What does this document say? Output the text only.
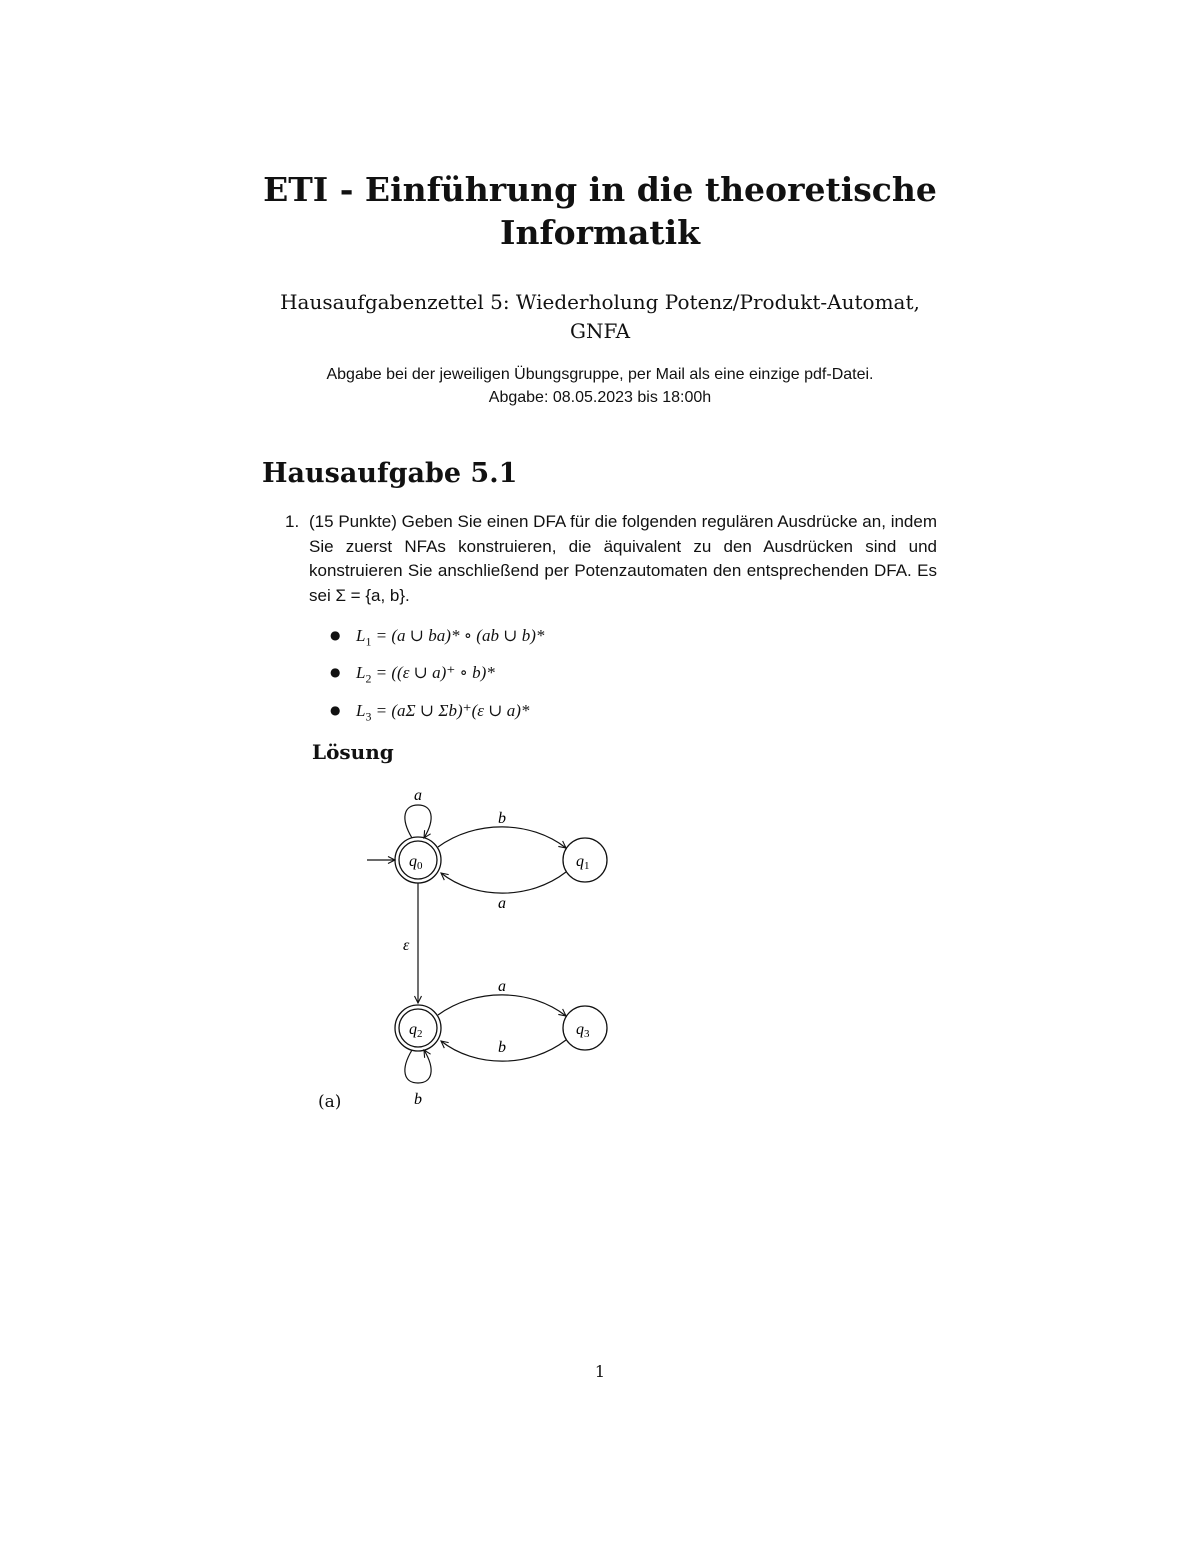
ETI - Einführung in die theoretische
Informatik
Hausaufgabenzettel 5: Wiederholung Potenz/Produkt-Automat,
GNFA
Abgabe bei der jeweiligen Übungsgruppe, per Mail als eine einzige pdf-Datei.
Abgabe: 08.05.2023 bis 18:00h
Hausaufgabe 5.1
1. (15 Punkte) Geben Sie einen DFA für die folgenden regulären Ausdrücke an, indem Sie zuerst NFAs konstruieren, die äquivalent zu den Ausdrücken sind und konstruieren Sie anschließend per Potenzautomaten den entsprechenden DFA. Es sei Σ = {a, b}.
● $L_1 = (a$ ∪ ba)* ∘ (ab ∪ b)*
● $L_2 = ((\varepsilon$ ∪ a)⁺ ∘ b)*
● $L_3 = (a\Sigma$ ∪ Σb)⁺(ε ∪ a)*
Lösung
q0	q1
q2	q3
a
b
a
ε
a
b
b
(a)
1
